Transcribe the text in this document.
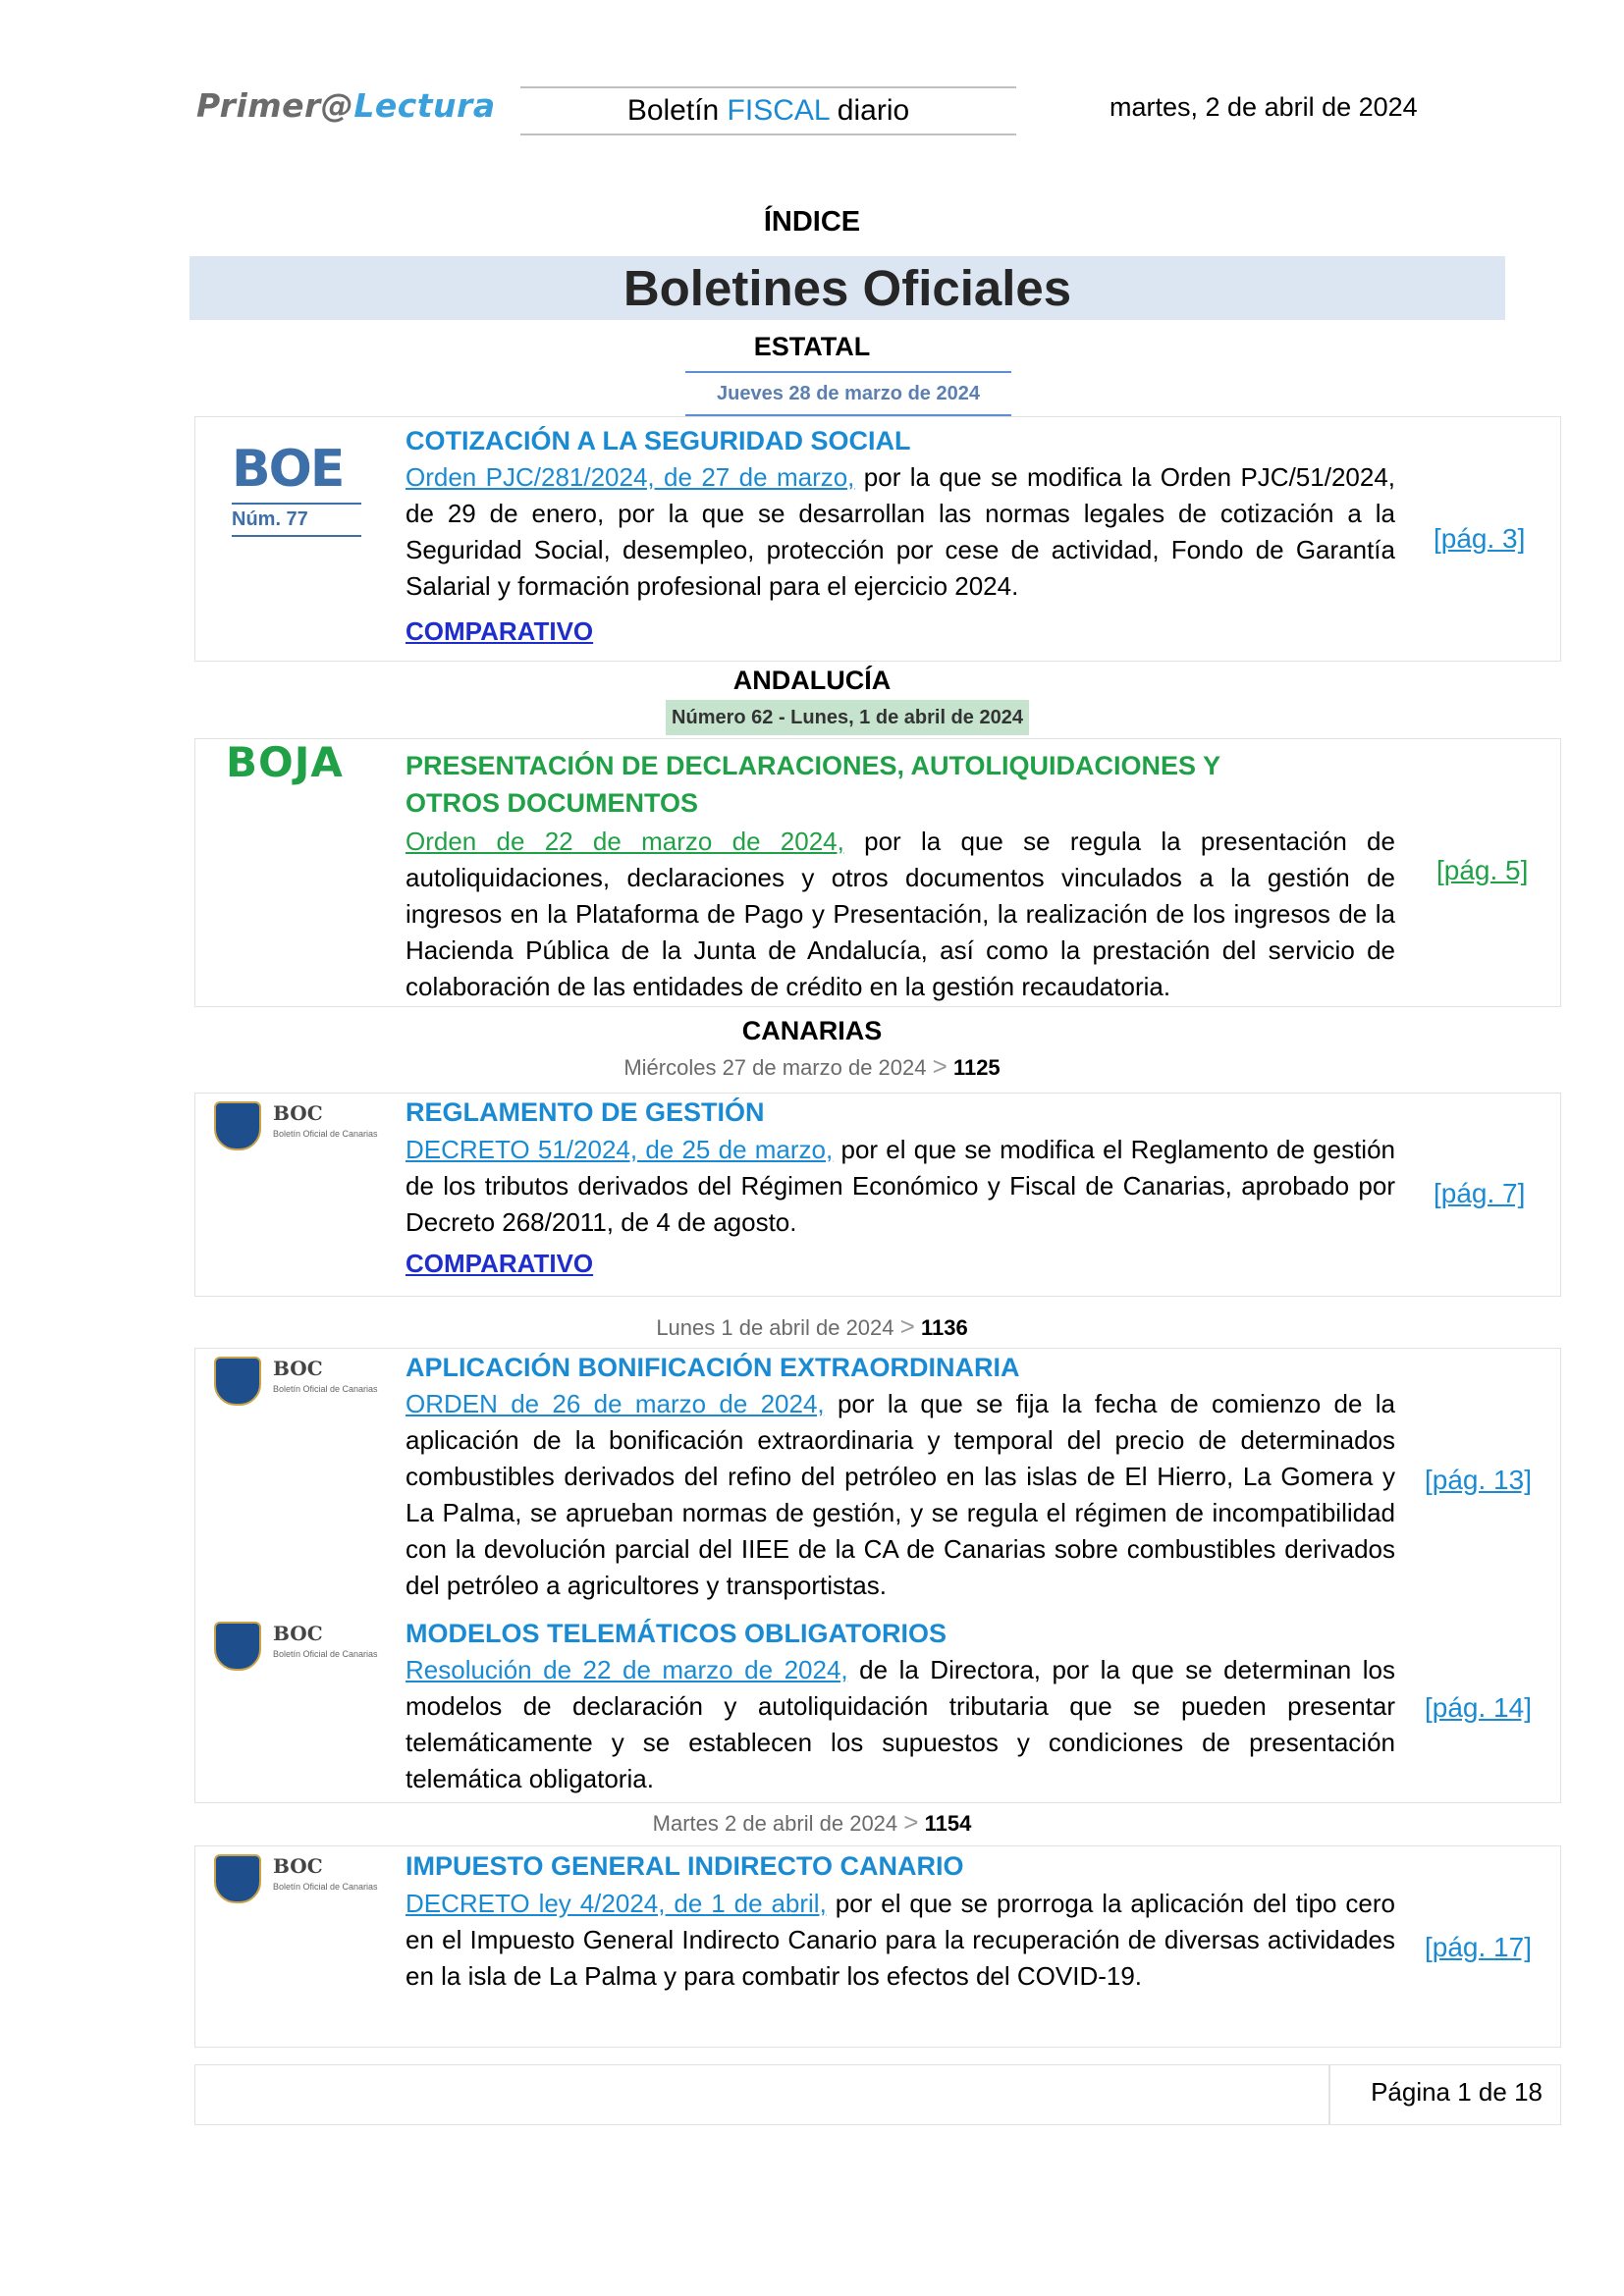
Primer@Lectura	Boletín FISCAL diario	martes, 2 de abril de 2024
ÍNDICE
Boletines Oficiales
ESTATAL
Jueves 28 de marzo de 2024
BOE
Núm. 77
COTIZACIÓN A LA SEGURIDAD SOCIAL
Orden PJC/281/2024, de 27 de marzo, por la que se modifica la Orden PJC/51/2024, de 29 de enero, por la que se desarrollan las normas legales de cotización a la Seguridad Social, desempleo, protección por cese de actividad, Fondo de Garantía Salarial y formación profesional para el ejercicio 2024.
COMPARATIVO
[pág. 3]
ANDALUCÍA
Número 62 - Lunes, 1 de abril de 2024
BOJA PRESENTACIÓN DE DECLARACIONES, AUTOLIQUIDACIONES Y
OTROS DOCUMENTOS
Orden de 22 de marzo de 2024, por la que se regula la presentación de autoliquidaciones, declaraciones y otros documentos vinculados a la gestión de ingresos en la Plataforma de Pago y Presentación, la realización de los ingresos de la Hacienda Pública de la Junta de Andalucía, así como la prestación del servicio de colaboración de las entidades de crédito en la gestión recaudatoria.
[pág. 5]
CANARIAS
Miércoles 27 de marzo de 2024 > 1125
BOC
Boletín Oficial de Canarias
REGLAMENTO DE GESTIÓN
DECRETO 51/2024, de 25 de marzo, por el que se modifica el Reglamento de gestión de los tributos derivados del Régimen Económico y Fiscal de Canarias, aprobado por Decreto 268/2011, de 4 de agosto.
COMPARATIVO
[pág. 7]
Lunes 1 de abril de 2024 > 1136
BOC
Boletín Oficial de Canarias
APLICACIÓN BONIFICACIÓN EXTRAORDINARIA
ORDEN de 26 de marzo de 2024, por la que se fija la fecha de comienzo de la aplicación de la bonificación extraordinaria y temporal del precio de determinados combustibles derivados del refino del petróleo en las islas de El Hierro, La Gomera y La Palma, se aprueban normas de gestión, y se regula el régimen de incompatibilidad con la devolución parcial del IIEE de la CA de Canarias sobre combustibles derivados del petróleo a agricultores y transportistas.
[pág. 13]
BOC
Boletín Oficial de Canarias
MODELOS TELEMÁTICOS OBLIGATORIOS
Resolución de 22 de marzo de 2024, de la Directora, por la que se determinan los modelos de declaración y autoliquidación tributaria que se pueden presentar telemáticamente y se establecen los supuestos y condiciones de presentación telemática obligatoria.
[pág. 14]
Martes 2 de abril de 2024 > 1154
BOC
Boletín Oficial de Canarias
IMPUESTO GENERAL INDIRECTO CANARIO
DECRETO ley 4/2024, de 1 de abril, por el que se prorroga la aplicación del tipo cero en el Impuesto General Indirecto Canario para la recuperación de diversas actividades en la isla de La Palma y para combatir los efectos del COVID-19.
[pág. 17]
Página 1 de 18
